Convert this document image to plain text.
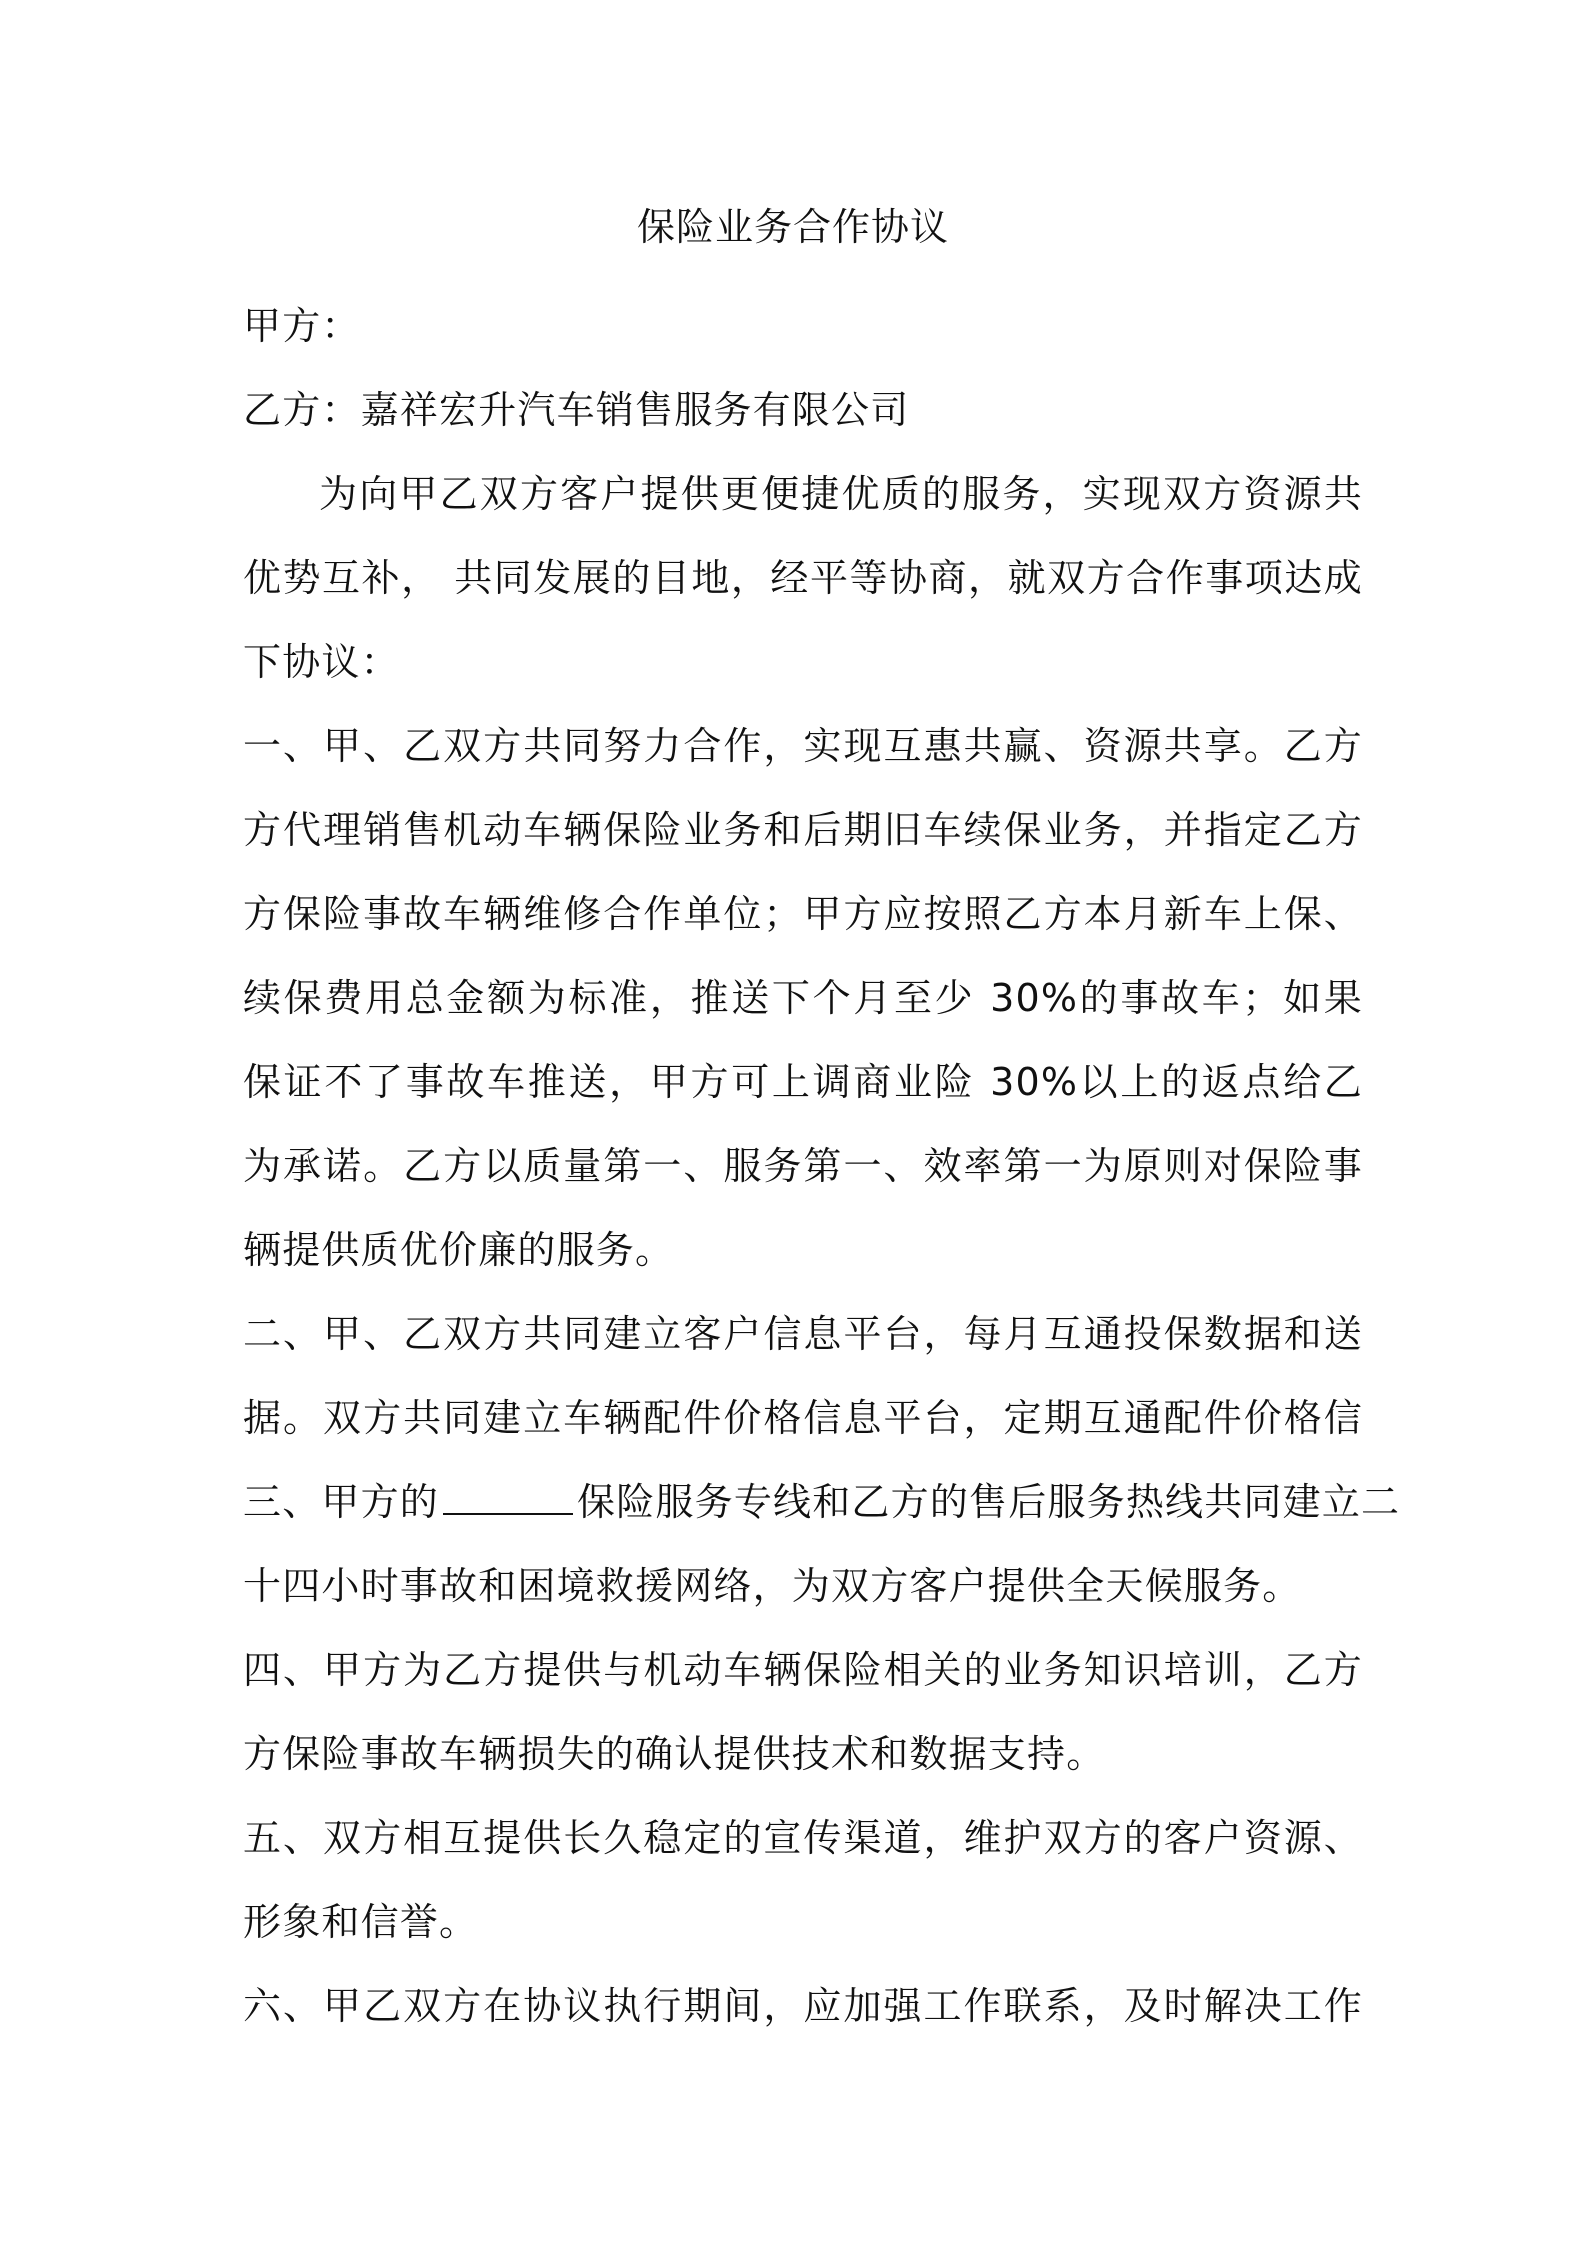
保险业务合作协议
甲方：
乙方：嘉祥宏升汽车销售服务有限公司
为向甲乙双方客户提供更便捷优质的服务，实现双方资源共
优势互补， 共同发展的目地，经平等协商，就双方合作事项达成
下协议：
一、甲、乙双方共同努力合作，实现互惠共赢、资源共享。乙方
方代理销售机动车辆保险业务和后期旧车续保业务，并指定乙方
方保险事故车辆维修合作单位；甲方应按照乙方本月新车上保、
续保费用总金额为标准，推送下个月至少 30%的事故车；如果
保证不了事故车推送，甲方可上调商业险 30%以上的返点给乙
为承诺。乙方以质量第一、服务第一、效率第一为原则对保险事
辆提供质优价廉的服务。
二、甲、乙双方共同建立客户信息平台，每月互通投保数据和送
据。双方共同建立车辆配件价格信息平台，定期互通配件价格信
三、甲方的	保险服务专线和乙方的售后服务热线共同建立二
十四小时事故和困境救援网络，为双方客户提供全天候服务。
四、甲方为乙方提供与机动车辆保险相关的业务知识培训，乙方
方保险事故车辆损失的确认提供技术和数据支持。
五、双方相互提供长久稳定的宣传渠道，维护双方的客户资源、
形象和信誉。
六、甲乙双方在协议执行期间，应加强工作联系，及时解决工作
